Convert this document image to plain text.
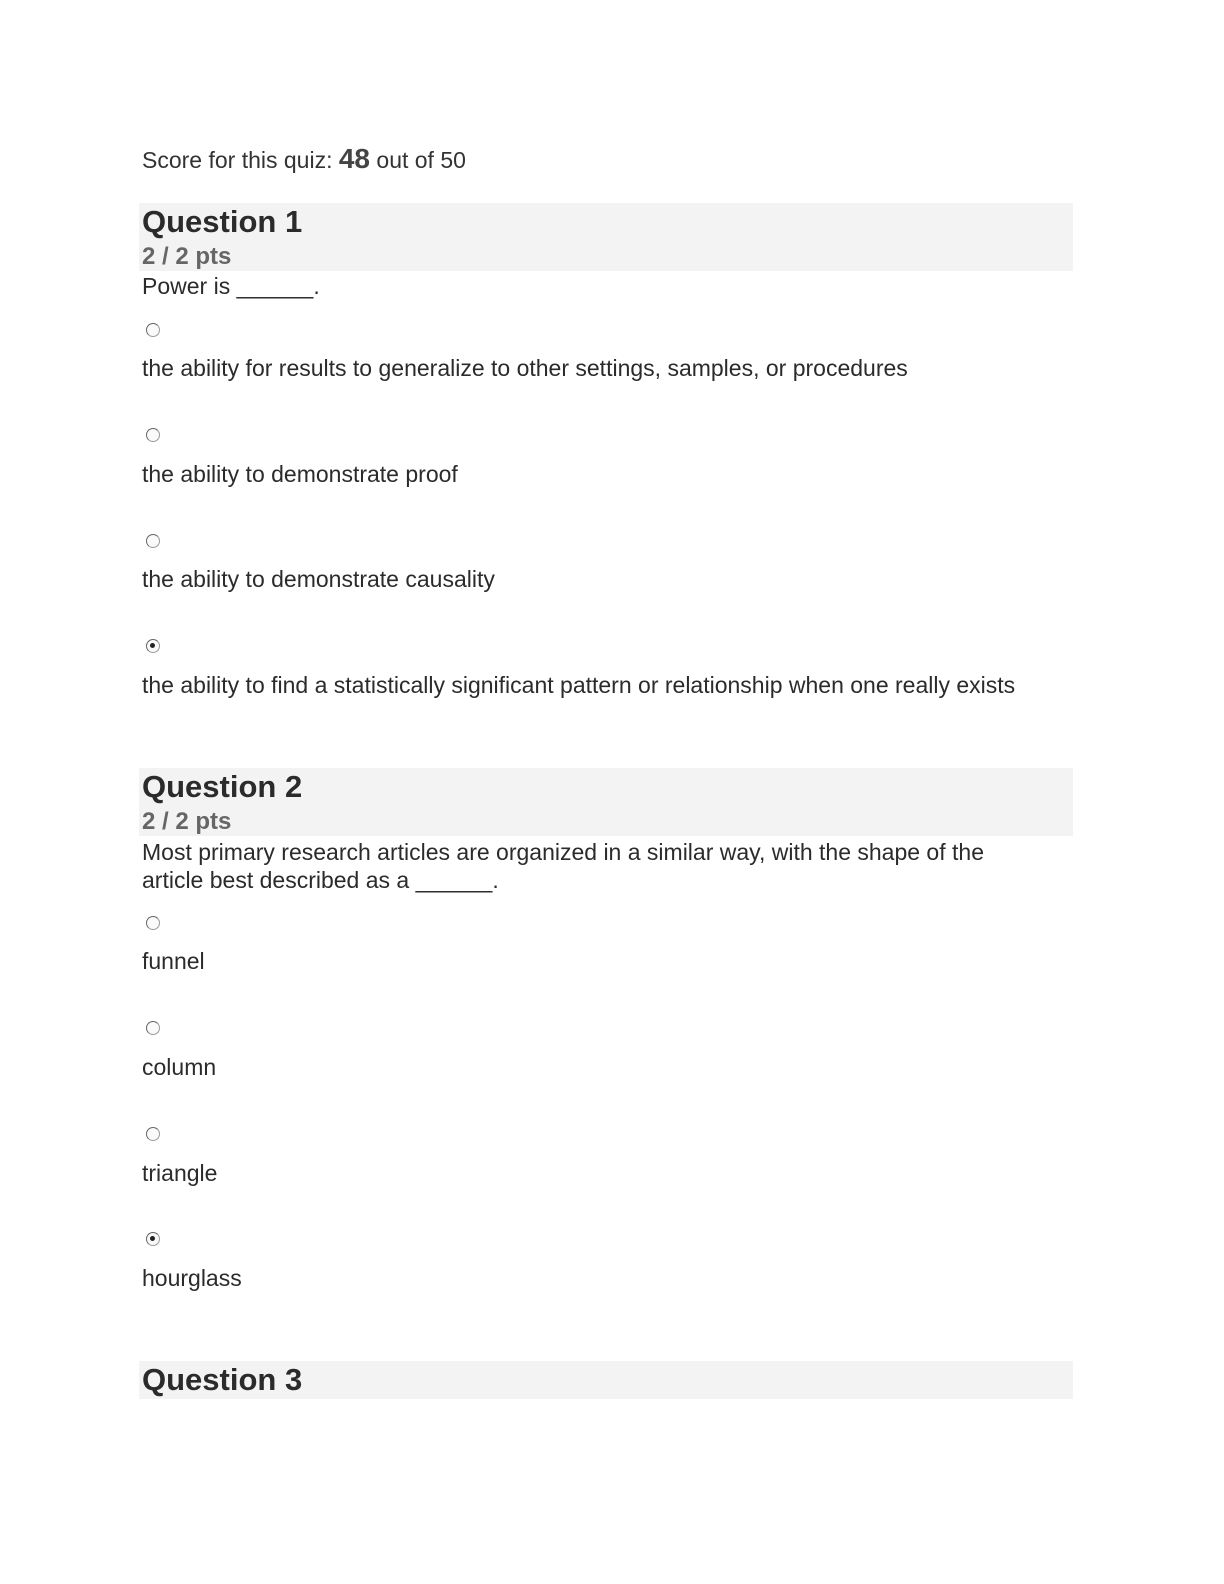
Score for this quiz: 48 out of 50
Question 1
2 / 2 pts
Power is ______.
the ability for results to generalize to other settings, samples, or procedures
the ability to demonstrate proof
the ability to demonstrate causality
the ability to find a statistically significant pattern or relationship when one really exists
Question 2
2 / 2 pts
Most primary research articles are organized in a similar way, with the shape of the article best described as a ______.
funnel
column
triangle
hourglass
Question 3
